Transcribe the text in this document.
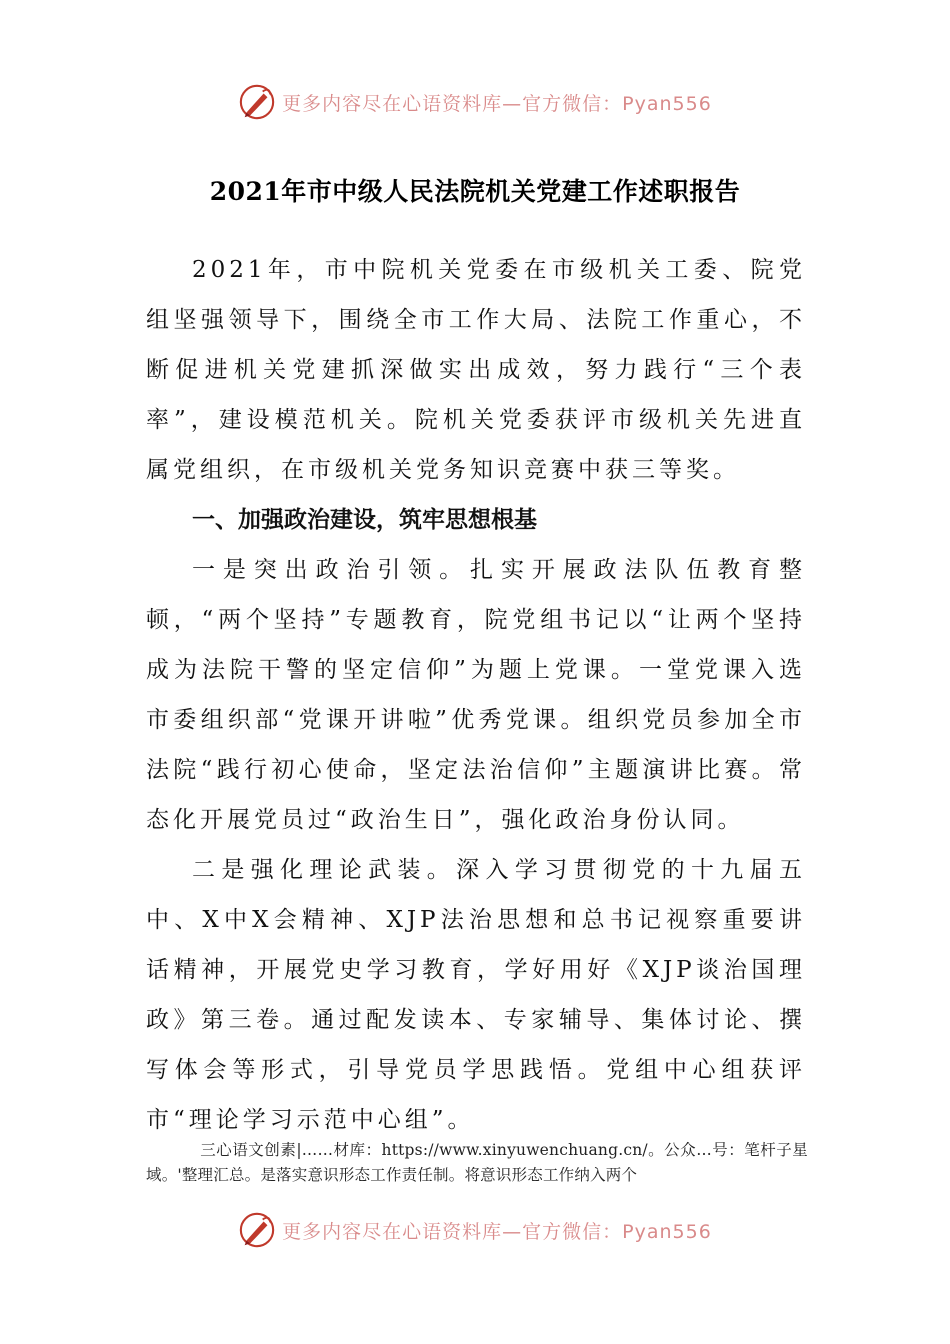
更多内容尽在心语资料库—官方微信：Pyan556
2021年市中级人民法院机关党建工作述职报告

2021年，市中院机关党委在市级机关工委、院党组坚强领导下，围绕全市工作大局、法院工作重心，不断促进机关党建抓深做实出成效，努力践行“三个表率”，建设模范机关。院机关党委获评市级机关先进直属党组织，在市级机关党务知识竞赛中获三等奖。

一、加强政治建设，筑牢思想根基

一是突出政治引领。扎实开展政法队伍教育整顿，“两个坚持”专题教育，院党组书记以“让两个坚持成为法院干警的坚定信仰”为题上党课。一堂党课入选市委组织部“党课开讲啦”优秀党课。组织党员参加全市法院“践行初心使命，坚定法治信仰”主题演讲比赛。常态化开展党员过“政治生日”，强化政治身份认同。

二是强化理论武装。深入学习贯彻党的十九届五中、X中X会精神、XJP法治思想和总书记视察重要讲话精神，开展党史学习教育，学好用好《XJP谈治国理政》第三卷。通过配发读本、专家辅导、集体讨论、撰写体会等形式，引导党员学思践悟。党组中心组获评市“理论学习示范中心组”。

三心语文创素|……材库：https://www.xinyuwenchuang.cn/。公众…号：笔杆子星域。'整理汇总。是落实意识形态工作责任制。将意识形态工作纳入两个
更多内容尽在心语资料库—官方微信：Pyan556
